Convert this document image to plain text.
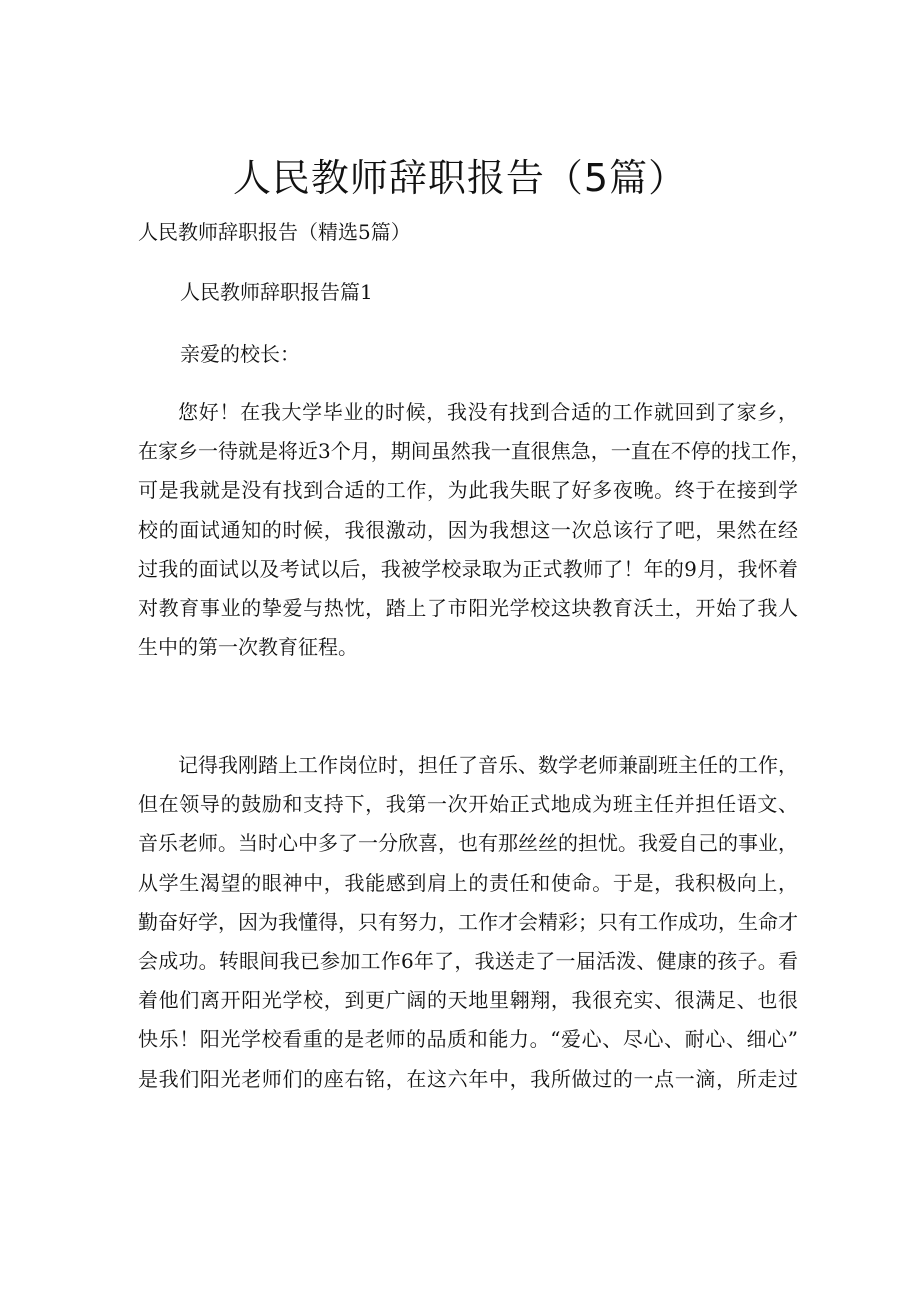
人民教师辞职报告（5篇）

人民教师辞职报告（精选5篇）

人民教师辞职报告篇1

亲爱的校长：

您好！在我大学毕业的时候，我没有找到合适的工作就回到了家乡，
在家乡一待就是将近3个月，期间虽然我一直很焦急，一直在不停的找工作，
可是我就是没有找到合适的工作，为此我失眠了好多夜晚。终于在接到学
校的面试通知的时候，我很激动，因为我想这一次总该行了吧，果然在经
过我的面试以及考试以后，我被学校录取为正式教师了！年的9月，我怀着
对教育事业的挚爱与热忱，踏上了市阳光学校这块教育沃土，开始了我人
生中的第一次教育征程。
记得我刚踏上工作岗位时，担任了音乐、数学老师兼副班主任的工作，
但在领导的鼓励和支持下，我第一次开始正式地成为班主任并担任语文、
音乐老师。当时心中多了一分欣喜，也有那丝丝的担忧。我爱自己的事业，
从学生渴望的眼神中，我能感到肩上的责任和使命。于是，我积极向上，
勤奋好学，因为我懂得，只有努力，工作才会精彩；只有工作成功，生命才
会成功。转眼间我已参加工作6年了，我送走了一届活泼、健康的孩子。看
着他们离开阳光学校，到更广阔的天地里翱翔，我很充实、很满足、也很
快乐！阳光学校看重的是老师的品质和能力。“爱心、尽心、耐心、细心”
是我们阳光老师们的座右铭，在这六年中，我所做过的一点一滴，所走过
